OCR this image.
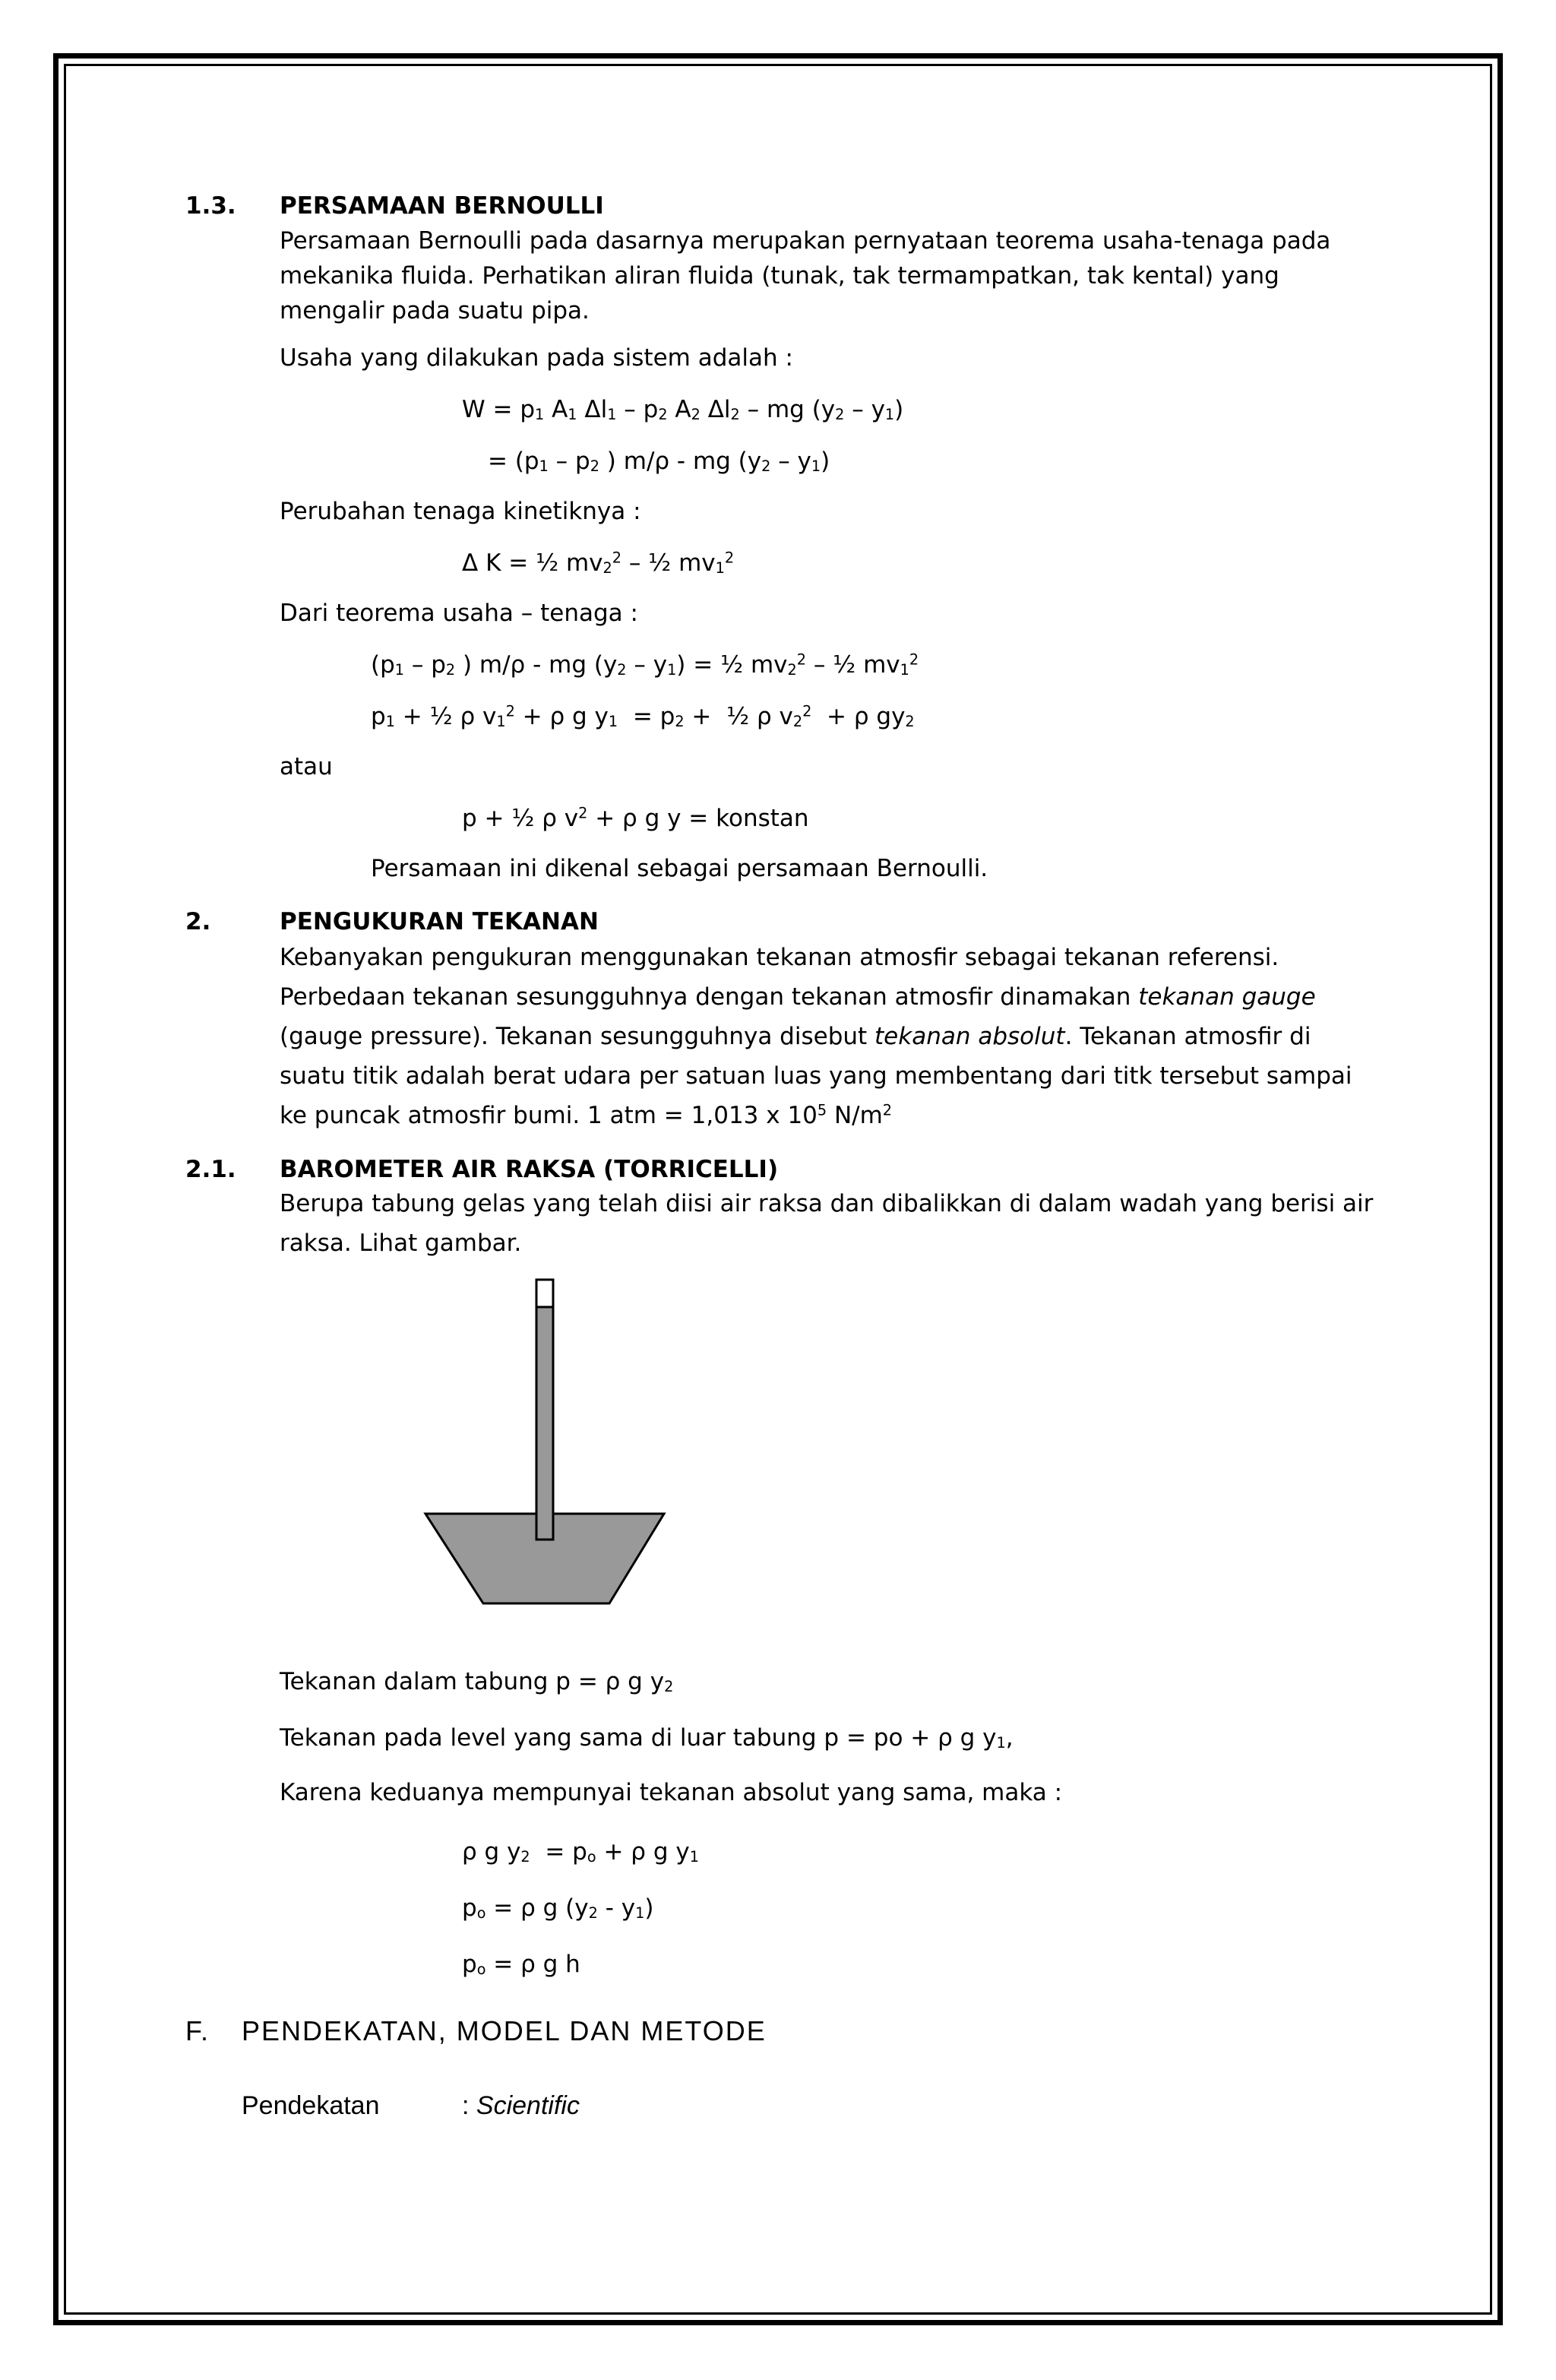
1.3. PERSAMAAN BERNOULLI
Persamaan Bernoulli pada dasarnya merupakan pernyataan teorema usaha-tenaga pada mekanika fluida. Perhatikan aliran fluida (tunak, tak termampatkan, tak kental) yang mengalir pada suatu pipa.
Usaha yang dilakukan pada sistem adalah :
$W = p_1$ $A_1$ $\Delta l_1 - p_2$ $A_2$ $\Delta l_2$ – mg $(y_2 - y_1)$
= ($p_1 - p_2$ ) m/ρ - mg $(y_2 - y_1)$
Perubahan tenaga kinetiknya :
Δ K = ½ $mv_2^2$ – ½ $mv_1^2$
Dari teorema usaha – tenaga :
($p_1 - p_2$ ) m/ρ - mg $(y_2 - y_1)$ = ½ $mv_2^2$ – ½ $mv_1^2$
$p_1$ + ½ ρ $v_1^2 + \rho$ g $y_1 = p_2$ +  ½ ρ $v_2^2 + \rho$ $gy_2$
atau
p + ½ ρ $v^2 + \rho$ g y = konstan
Persamaan ini dikenal sebagai persamaan Bernoulli.
2.	PENGUKURAN TEKANAN
Kebanyakan pengukuran menggunakan tekanan atmosfir sebagai tekanan referensi. Perbedaan tekanan sesungguhnya dengan tekanan atmosfir dinamakan tekanan gauge (gauge pressure). Tekanan sesungguhnya disebut tekanan absolut. Tekanan atmosfir di suatu titik adalah berat udara per satuan luas yang membentang dari titk tersebut sampai ke puncak atmosfir bumi. 1 atm = 1,013 x $10^5$ $N/m^2$
2.1. BAROMETER AIR RAKSA (TORRICELLI)
Berupa tabung gelas yang telah diisi air raksa dan dibalikkan di dalam wadah yang berisi air raksa. Lihat gambar.
Tekanan dalam tabung p = ρ g $y_2$
Tekanan pada level yang sama di luar tabung p = po + ρ g $y_1$,
Karena keduanya mempunyai tekanan absolut yang sama, maka :
ρ g $y_2 = p_o + \rho$ g $y_1$
$p_o = \rho$ g $(y_2 - y_1)$
$p_o = \rho$ g h
F. PENDEKATAN, MODEL DAN METODE
Pendekatan	: Scientific
